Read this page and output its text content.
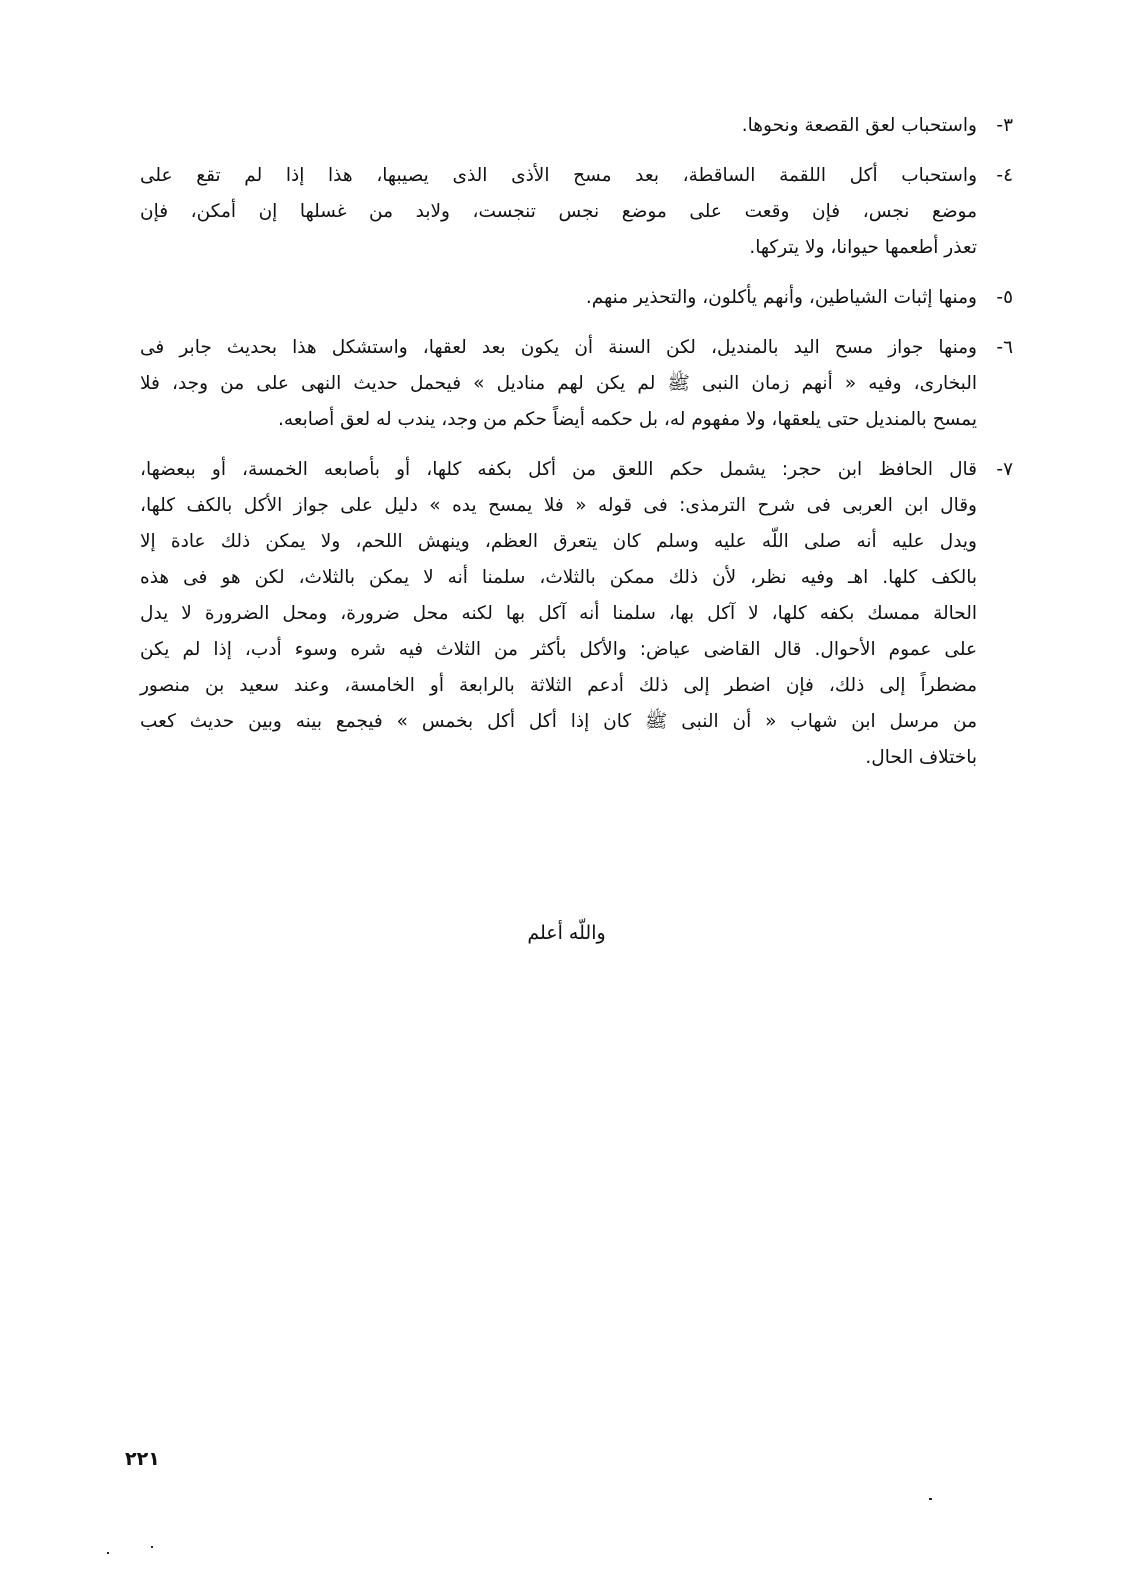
٣-
واستحباب لعق القصعة ونحوها.
٤-
واستحباب أكل اللقمة الساقطة، بعد مسح الأذى الذى يصيبها، هذا إذا لم تقع على
موضع نجس، فإن وقعت على موضع نجس تنجست، ولابد من غسلها إن أمكن، فإن
تعذر أطعمها حيوانا، ولا يتركها.
٥-
ومنها إثبات الشياطين، وأنهم يأكلون، والتحذير منهم.
٦-
ومنها جواز مسح اليد بالمنديل، لكن السنة أن يكون بعد لعقها، واستشكل هذا بحديث جابر فى
البخارى، وفيه « أنهم زمان النبى ﷺ لم يكن لهم مناديل » فيحمل حديث النهى على من وجد، فلا
يمسح بالمنديل حتى يلعقها، ولا مفهوم له، بل حكمه أيضاً حكم من وجد، يندب له لعق أصابعه.
٧-
قال الحافظ ابن حجر: يشمل حكم اللعق من أكل بكفه كلها، أو بأصابعه الخمسة، أو ببعضها،
وقال ابن العربى فى شرح الترمذى: فى قوله « فلا يمسح يده » دليل على جواز الأكل بالكف كلها،
ويدل عليه أنه صلى اللّه عليه وسلم كان يتعرق العظم، وينهش اللحم، ولا يمكن ذلك عادة إلا
بالكف كلها. اهـ وفيه نظر، لأن ذلك ممكن بالثلاث، سلمنا أنه لا يمكن بالثلاث، لكن هو فى هذه
الحالة ممسك بكفه كلها، لا آكل بها، سلمنا أنه آكل بها لكنه محل ضرورة، ومحل الضرورة لا يدل
على عموم الأحوال. قال القاضى عياض: والأكل بأكثر من الثلاث فيه شره وسوء أدب، إذا لم يكن
مضطراً إلى ذلك، فإن اضطر إلى ذلك أدعم الثلاثة بالرابعة أو الخامسة، وعند سعيد بن منصور
من مرسل ابن شهاب « أن النبى ﷺ كان إذا أكل أكل بخمس » فيجمع بينه وبين حديث كعب
باختلاف الحال.
واللّه أعلم
٢٢١
